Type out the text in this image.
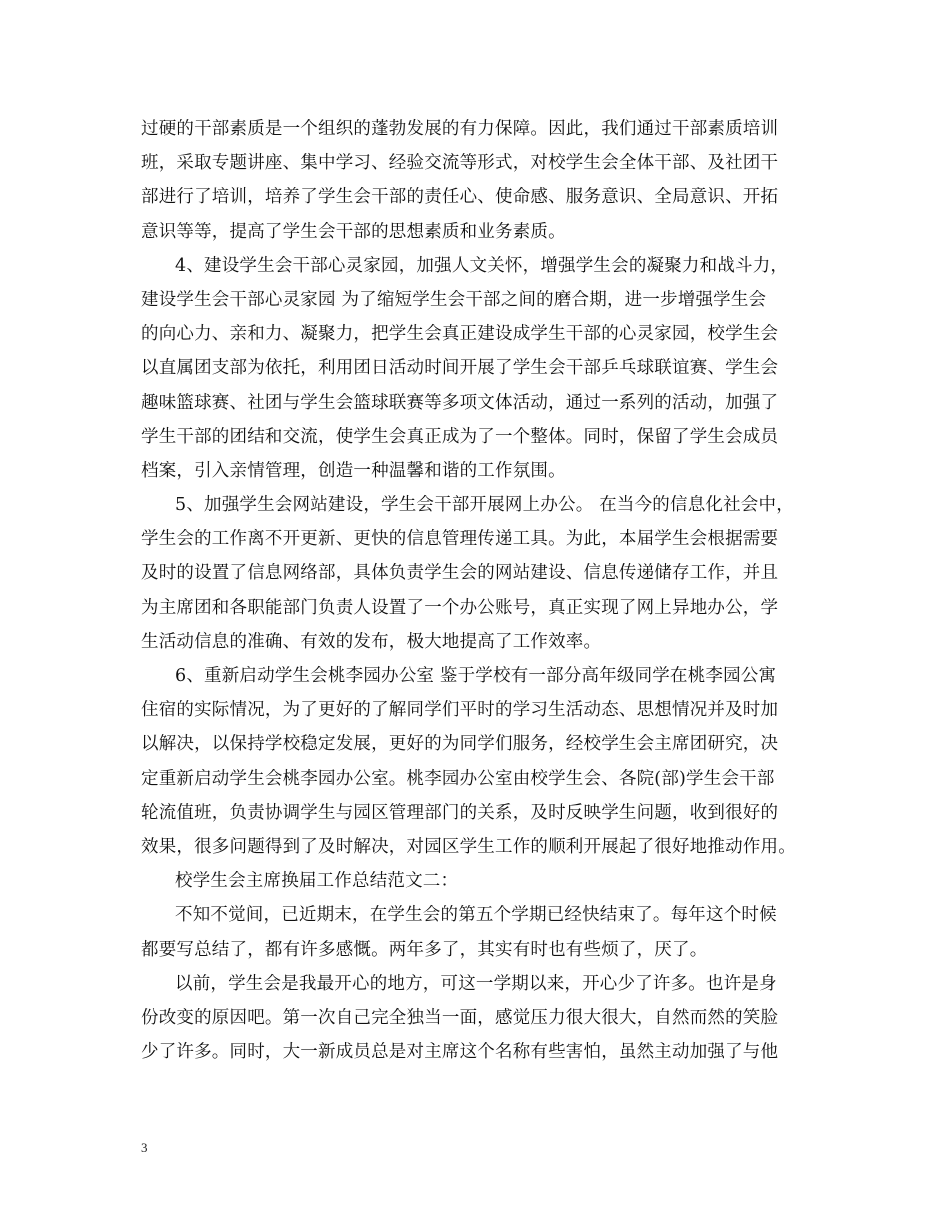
过硬的干部素质是一个组织的蓬勃发展的有力保障。因此，我们通过干部素质培训
班，采取专题讲座、集中学习、经验交流等形式，对校学生会全体干部、及社团干
部进行了培训，培养了学生会干部的责任心、使命感、服务意识、全局意识、开拓
意识等等，提高了学生会干部的思想素质和业务素质。
4、建设学生会干部心灵家园，加强人文关怀，增强学生会的凝聚力和战斗力，
建设学生会干部心灵家园 为了缩短学生会干部之间的磨合期，进一步增强学生会
的向心力、亲和力、凝聚力，把学生会真正建设成学生干部的心灵家园，校学生会
以直属团支部为依托，利用团日活动时间开展了学生会干部乒乓球联谊赛、学生会
趣味篮球赛、社团与学生会篮球联赛等多项文体活动，通过一系列的活动，加强了
学生干部的团结和交流，使学生会真正成为了一个整体。同时，保留了学生会成员
档案，引入亲情管理，创造一种温馨和谐的工作氛围。
5、加强学生会网站建设，学生会干部开展网上办公。 在当今的信息化社会中，
学生会的工作离不开更新、更快的信息管理传递工具。为此，本届学生会根据需要
及时的设置了信息网络部，具体负责学生会的网站建设、信息传递储存工作，并且
为主席团和各职能部门负责人设置了一个办公账号，真正实现了网上异地办公，学
生活动信息的准确、有效的发布，极大地提高了工作效率。
6、重新启动学生会桃李园办公室 鉴于学校有一部分高年级同学在桃李园公寓
住宿的实际情况，为了更好的了解同学们平时的学习生活动态、思想情况并及时加
以解决，以保持学校稳定发展，更好的为同学们服务，经校学生会主席团研究，决
定重新启动学生会桃李园办公室。桃李园办公室由校学生会、各院(部)学生会干部
轮流值班，负责协调学生与园区管理部门的关系，及时反映学生问题，收到很好的
效果，很多问题得到了及时解决，对园区学生工作的顺利开展起了很好地推动作用。
校学生会主席换届工作总结范文二：
不知不觉间，已近期末，在学生会的第五个学期已经快结束了。每年这个时候
都要写总结了，都有许多感慨。两年多了，其实有时也有些烦了，厌了。
以前，学生会是我最开心的地方，可这一学期以来，开心少了许多。也许是身
份改变的原因吧。第一次自己完全独当一面，感觉压力很大很大，自然而然的笑脸
少了许多。同时，大一新成员总是对主席这个名称有些害怕，虽然主动加强了与他
3
